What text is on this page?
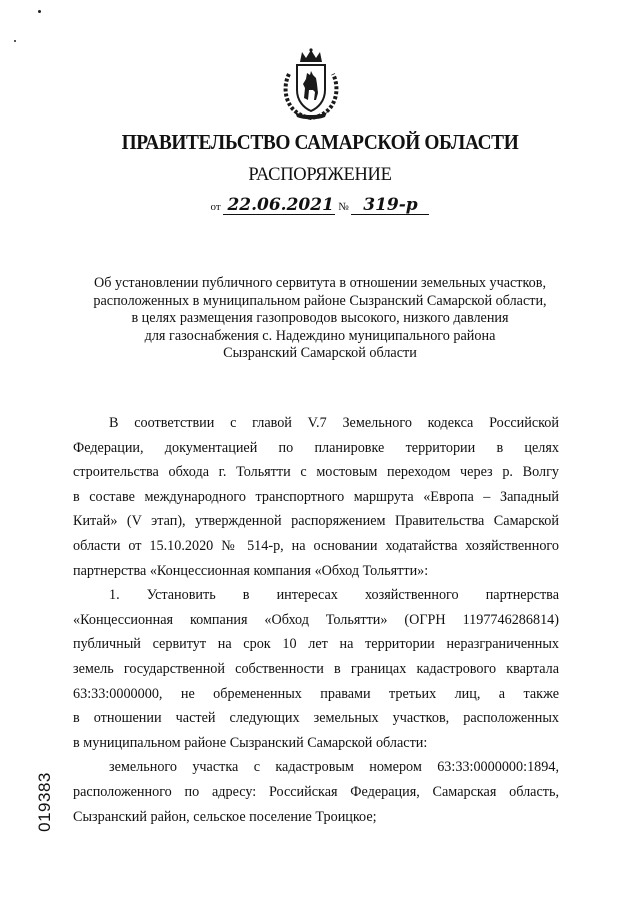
ПРАВИТЕЛЬСТВО САМАРСКОЙ ОБЛАСТИ
РАСПОРЯЖЕНИЕ
от 22.06.2021 № 319-р
Об установлении публичного сервитута в отношении земельных участков,
расположенных в муниципальном районе Сызранский Самарской области,
в целях размещения газопроводов высокого, низкого давления
для газоснабжения с. Надеждино муниципального района
Сызранский Самарской области
В соответствии с главой V.7 Земельного кодекса Российской
Федерации, документацией по планировке территории в целях
строительства обхода г. Тольятти с мостовым переходом через р. Волгу
в составе международного транспортного маршрута «Европа – Западный
Китай» (V этап), утвержденной распоряжением Правительства Самарской
области от 15.10.2020 № 514-р, на основании ходатайства хозяйственного
партнерства «Концессионная компания «Обход Тольятти»:
1. Установить в интересах хозяйственного партнерства
«Концессионная компания «Обход Тольятти» (ОГРН 1197746286814)
публичный сервитут на срок 10 лет на территории неразграниченных
земель государственной собственности в границах кадастрового квартала
63:33:0000000, не обремененных правами третьих лиц, а также
в отношении частей следующих земельных участков, расположенных
в муниципальном районе Сызранский Самарской области:
земельного участка с кадастровым номером 63:33:0000000:1894,
расположенного по адресу: Российская Федерация, Самарская область,
Сызранский район, сельское поселение Троицкое;
019383
